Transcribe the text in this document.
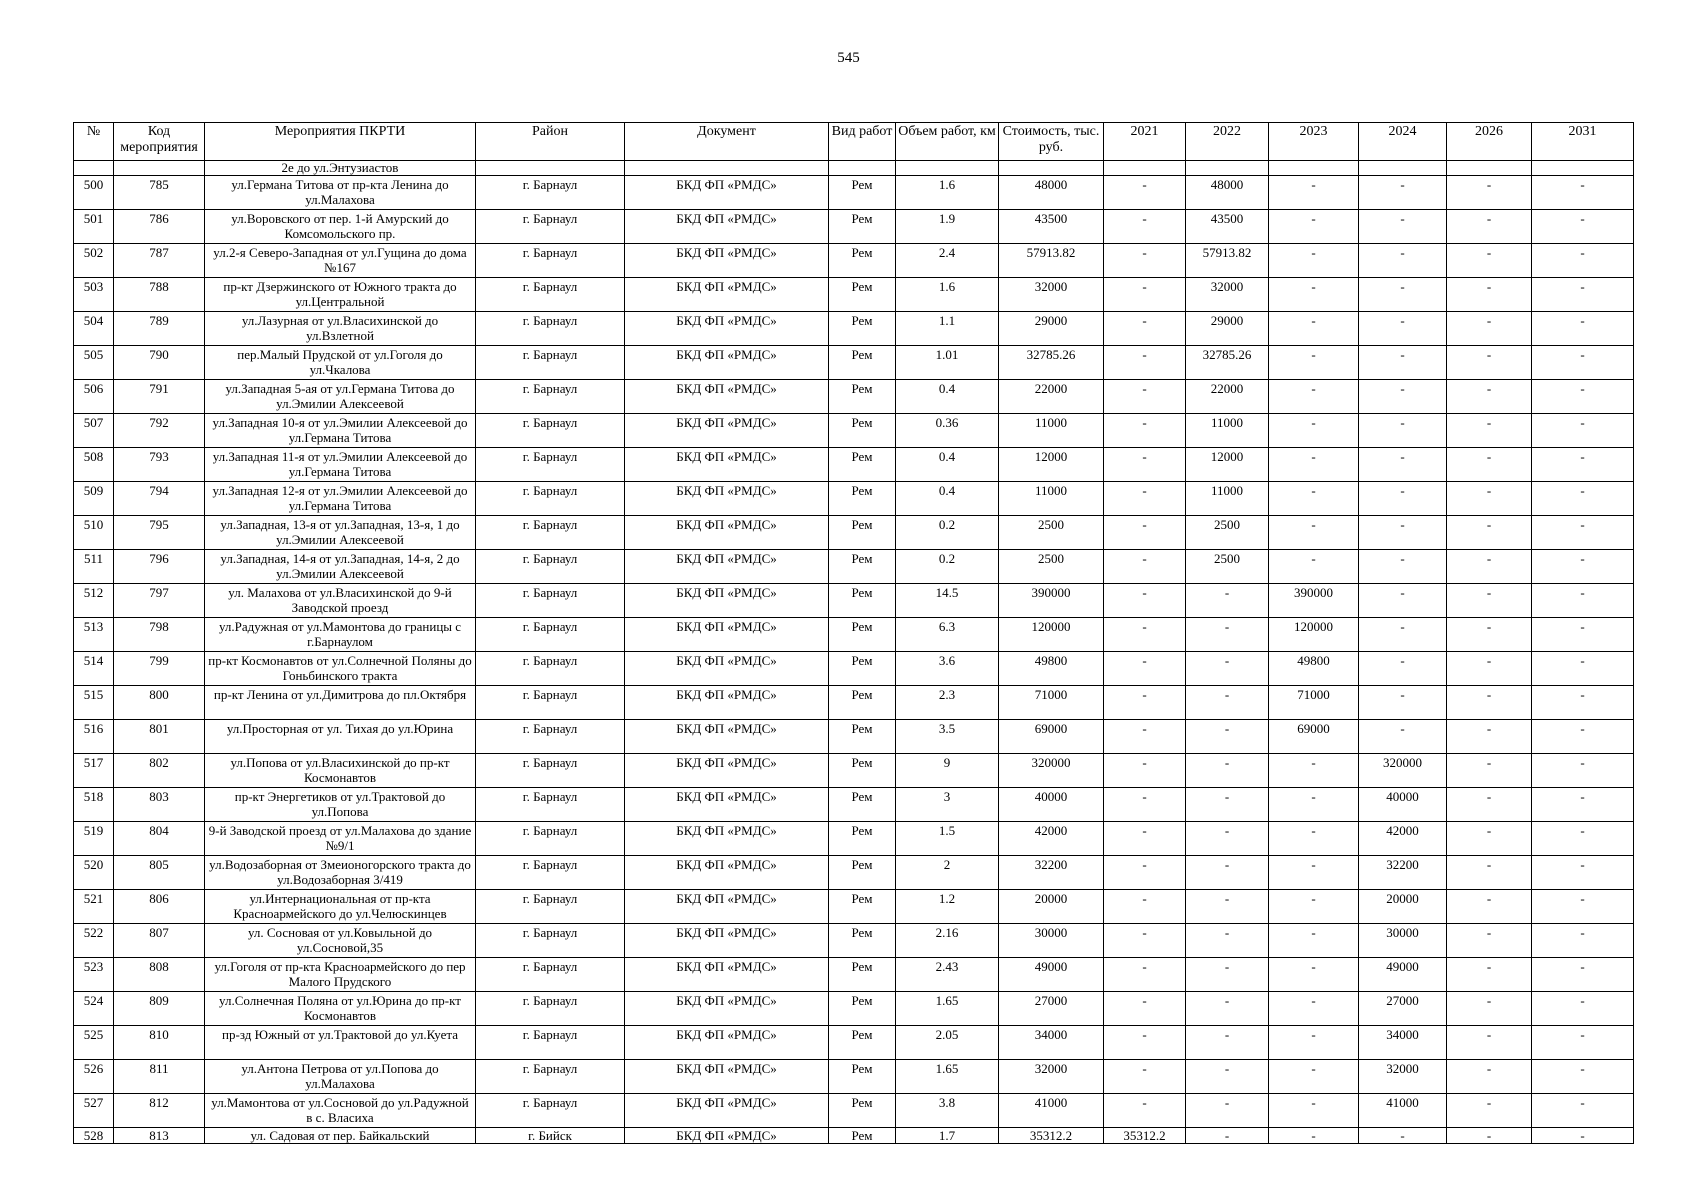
545
№	Код мероприятия	Мероприятия ПКРТИ	Район	Документ	Вид работ	Объем работ, км	Стоимость, тыс. руб.	2021	2022	2023	2024	2026	2031
		2е до ул.Энтузиастов											
500	785	ул.Германа Титова от пр-кта Ленина до ул.Малахова	г. Барнаул	БКД ФП «РМДС»	Рем	1.6	48000	-	48000	-	-	-	-
501	786	ул.Воровского от пер. 1-й Амурский до Комсомольского пр.	г. Барнаул	БКД ФП «РМДС»	Рем	1.9	43500	-	43500	-	-	-	-
502	787	ул.2-я Северо-Западная от ул.Гущина до дома №167	г. Барнаул	БКД ФП «РМДС»	Рем	2.4	57913.82	-	57913.82	-	-	-	-
503	788	пр-кт Дзержинского от Южного тракта до ул.Центральной	г. Барнаул	БКД ФП «РМДС»	Рем	1.6	32000	-	32000	-	-	-	-
504	789	ул.Лазурная от ул.Власихинской до ул.Взлетной	г. Барнаул	БКД ФП «РМДС»	Рем	1.1	29000	-	29000	-	-	-	-
505	790	пер.Малый Прудской от ул.Гоголя до ул.Чкалова	г. Барнаул	БКД ФП «РМДС»	Рем	1.01	32785.26	-	32785.26	-	-	-	-
506	791	ул.Западная 5-ая от ул.Германа Титова до ул.Эмилии Алексеевой	г. Барнаул	БКД ФП «РМДС»	Рем	0.4	22000	-	22000	-	-	-	-
507	792	ул.Западная 10-я от ул.Эмилии Алексеевой до ул.Германа Титова	г. Барнаул	БКД ФП «РМДС»	Рем	0.36	11000	-	11000	-	-	-	-
508	793	ул.Западная 11-я от ул.Эмилии Алексеевой до ул.Германа Титова	г. Барнаул	БКД ФП «РМДС»	Рем	0.4	12000	-	12000	-	-	-	-
509	794	ул.Западная 12-я от ул.Эмилии Алексеевой до ул.Германа Титова	г. Барнаул	БКД ФП «РМДС»	Рем	0.4	11000	-	11000	-	-	-	-
510	795	ул.Западная, 13-я от ул.Западная, 13-я, 1 до ул.Эмилии Алексеевой	г. Барнаул	БКД ФП «РМДС»	Рем	0.2	2500	-	2500	-	-	-	-
511	796	ул.Западная, 14-я от ул.Западная, 14-я, 2 до ул.Эмилии Алексеевой	г. Барнаул	БКД ФП «РМДС»	Рем	0.2	2500	-	2500	-	-	-	-
512	797	ул. Малахова от ул.Власихинской до 9-й Заводской проезд	г. Барнаул	БКД ФП «РМДС»	Рем	14.5	390000	-	-	390000	-	-	-
513	798	ул.Радужная от ул.Мамонтова до границы с г.Барнаулом	г. Барнаул	БКД ФП «РМДС»	Рем	6.3	120000	-	-	120000	-	-	-
514	799	пр-кт Космонавтов от ул.Солнечной Поляны до Гоньбинского тракта	г. Барнаул	БКД ФП «РМДС»	Рем	3.6	49800	-	-	49800	-	-	-
515	800	пр-кт Ленина от ул.Димитрова до пл.Октября	г. Барнаул	БКД ФП «РМДС»	Рем	2.3	71000	-	-	71000	-	-	-
516	801	ул.Просторная от ул. Тихая до ул.Юрина	г. Барнаул	БКД ФП «РМДС»	Рем	3.5	69000	-	-	69000	-	-	-
517	802	ул.Попова от ул.Власихинской до пр-кт Космонавтов	г. Барнаул	БКД ФП «РМДС»	Рем	9	320000	-	-	-	320000	-	-
518	803	пр-кт Энергетиков от ул.Трактовой до ул.Попова	г. Барнаул	БКД ФП «РМДС»	Рем	3	40000	-	-	-	40000	-	-
519	804	9-й Заводской проезд от ул.Малахова до здание №9/1	г. Барнаул	БКД ФП «РМДС»	Рем	1.5	42000	-	-	-	42000	-	-
520	805	ул.Водозаборная от Змеионогорского тракта до ул.Водозаборная 3/419	г. Барнаул	БКД ФП «РМДС»	Рем	2	32200	-	-	-	32200	-	-
521	806	ул.Интернациональная от пр-кта Красноармейского до ул.Челюскинцев	г. Барнаул	БКД ФП «РМДС»	Рем	1.2	20000	-	-	-	20000	-	-
522	807	ул. Сосновая от ул.Ковыльной до ул.Сосновой,35	г. Барнаул	БКД ФП «РМДС»	Рем	2.16	30000	-	-	-	30000	-	-
523	808	ул.Гоголя от пр-кта Красноармейского до пер Малого Прудского	г. Барнаул	БКД ФП «РМДС»	Рем	2.43	49000	-	-	-	49000	-	-
524	809	ул.Солнечная Поляна от ул.Юрина до пр-кт Космонавтов	г. Барнаул	БКД ФП «РМДС»	Рем	1.65	27000	-	-	-	27000	-	-
525	810	пр-зд Южный от ул.Трактовой до ул.Куета	г. Барнаул	БКД ФП «РМДС»	Рем	2.05	34000	-	-	-	34000	-	-
526	811	ул.Антона Петрова от ул.Попова до ул.Малахова	г. Барнаул	БКД ФП «РМДС»	Рем	1.65	32000	-	-	-	32000	-	-
527	812	ул.Мамонтова от ул.Сосновой до ул.Радужной в с. Власиха	г. Барнаул	БКД ФП «РМДС»	Рем	3.8	41000	-	-	-	41000	-	-
528	813	ул. Садовая от пер. Байкальский	г. Бийск	БКД ФП «РМДС»	Рем	1.7	35312.2	35312.2	-	-	-	-	-
